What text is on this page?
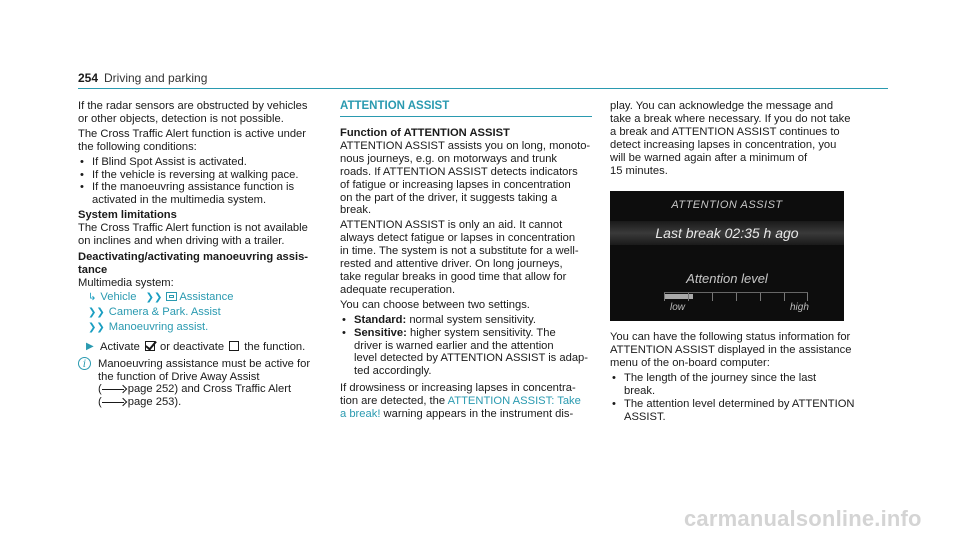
254 Driving and parking

If the radar sensors are obstructed by vehicles
or other objects, detection is not possible.

The Cross Traffic Alert function is active under
the following conditions:

• If Blind Spot Assist is activated.
• If the vehicle is reversing at walking pace.
• If the manoeuvring assistance function is
activated in the multimedia system.
System limitations

The Cross Traffic Alert function is not available
on inclines and when driving with a trailer.

Deactivating/activating manoeuvring assis-
tance
Multimedia system:
↳ Vehicle ❯❯ Assistance
❯❯ Camera & Park. Assist
❯❯ Manoeuvring assist.
▶ Activate or deactivate the function.
i	Manoeuvring assistance must be active for
the function of Drive Away Assist
( page 252) and Cross Traffic Alert
( page 253).
ATTENTION ASSIST
Function of ATTENTION ASSIST

ATTENTION ASSIST assists you on long, monoto-
nous journeys, e.g. on motorways and trunk
roads. If ATTENTION ASSIST detects indicators
of fatigue or increasing lapses in concentration
on the part of the driver, it suggests taking a
break.

ATTENTION ASSIST is only an aid. It cannot
always detect fatigue or lapses in concentration
in time. The system is not a substitute for a well-
rested and attentive driver. On long journeys,
take regular breaks in good time that allow for
adequate recuperation.

You can choose between two settings.

• Standard: normal system sensitivity.
• Sensitive: higher system sensitivity. The
driver is warned earlier and the attention
level detected by ATTENTION ASSIST is adap-
ted accordingly.

If drowsiness or increasing lapses in concentra-
tion are detected, the ATTENTION ASSIST: Take
a break! warning appears in the instrument dis-

play. You can acknowledge the message and
take a break where necessary. If you do not take
a break and ATTENTION ASSIST continues to
detect increasing lapses in concentration, you
will be warned again after a minimum of
15 minutes.

ATTENTION ASSIST
Last break 02:35 h ago
Attention level
low	high

You can have the following status information for
ATTENTION ASSIST displayed in the assistance
menu of the on-board computer:

• The length of the journey since the last
break.
• The attention level determined by ATTENTION
ASSIST.
carmanualsonline.info
